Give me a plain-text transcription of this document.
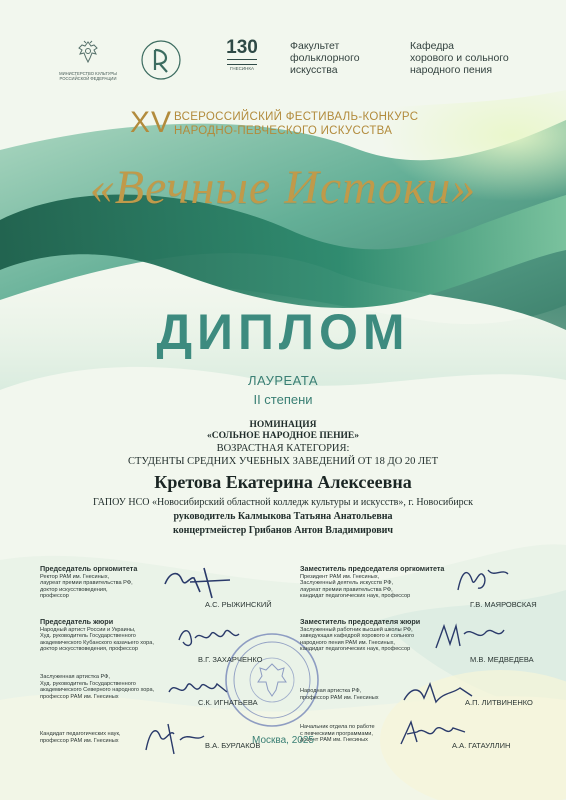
МИНИСТЕРСТВО КУЛЬТУРЫ
РОССИЙСКОЙ ФЕДЕРАЦИИ
130
ГНЕСИНКА
Факультет
фольклорного
искусства
Кафедра
хорового и сольного
народного пения
XV ВСЕРОССИЙСКИЙ ФЕСТИВАЛЬ-КОНКУРС
НАРОДНО-ПЕВЧЕСКОГО ИСКУССТВА
«Вечные Истоки»
ДИПЛОМ
ЛАУРЕАТА
II степени
НОМИНАЦИЯ
«СОЛЬНОЕ НАРОДНОЕ ПЕНИЕ»
ВОЗРАСТНАЯ КАТЕГОРИЯ:
СТУДЕНТЫ СРЕДНИХ УЧЕБНЫХ ЗАВЕДЕНИЙ ОТ 18 ДО 20 ЛЕТ
Кретова Екатерина Алексеевна
ГАПОУ НСО «Новосибирский областной колледж культуры и искусств», г. Новосибирск
руководитель Калмыкова Татьяна Анатольевна
концертмейстер Грибанов Антон Владимирович
Председатель оргкомитета
Ректор РАМ им. Гнесиных,
лауреат премии правительства РФ,
доктор искусствоведения,
профессор
А.С. РЫЖИНСКИЙ
Председатель жюри
Народный артист России и Украины,
Худ. руководитель Государственного
академического Кубанского казачьего хора,
доктор искусствоведения, профессор
В.Г. ЗАХАРЧЕНКО
Заслуженная артистка РФ,
Худ. руководитель Государственного
академического Северного народного хора,
профессор РАМ им. Гнесиных
С.К. ИГНАТЬЕВА
Кандидат педагогических наук,
профессор РАМ им. Гнесиных
В.А. БУРЛАКОВ
Заместитель председателя оргкомитета
Президент РАМ им. Гнесиных,
Заслуженный деятель искусств РФ,
лауреат премии правительства РФ,
кандидат педагогических наук, профессор
Г.В. МАЯРОВСКАЯ
Заместитель председателя жюри
Заслуженный работник высшей школы РФ,
заведующая кафедрой хорового и сольного
народного пения РАМ им. Гнесиных,
кандидат педагогических наук, профессор
М.В. МЕДВЕДЕВА
Народная артистка РФ,
профессор РАМ им. Гнесиных
А.П. ЛИТВИНЕНКО
Начальник отдела по работе
с певческими программами,
доцент РАМ им. Гнесиных
А.А. ГАТАУЛЛИН
Москва, 2025
